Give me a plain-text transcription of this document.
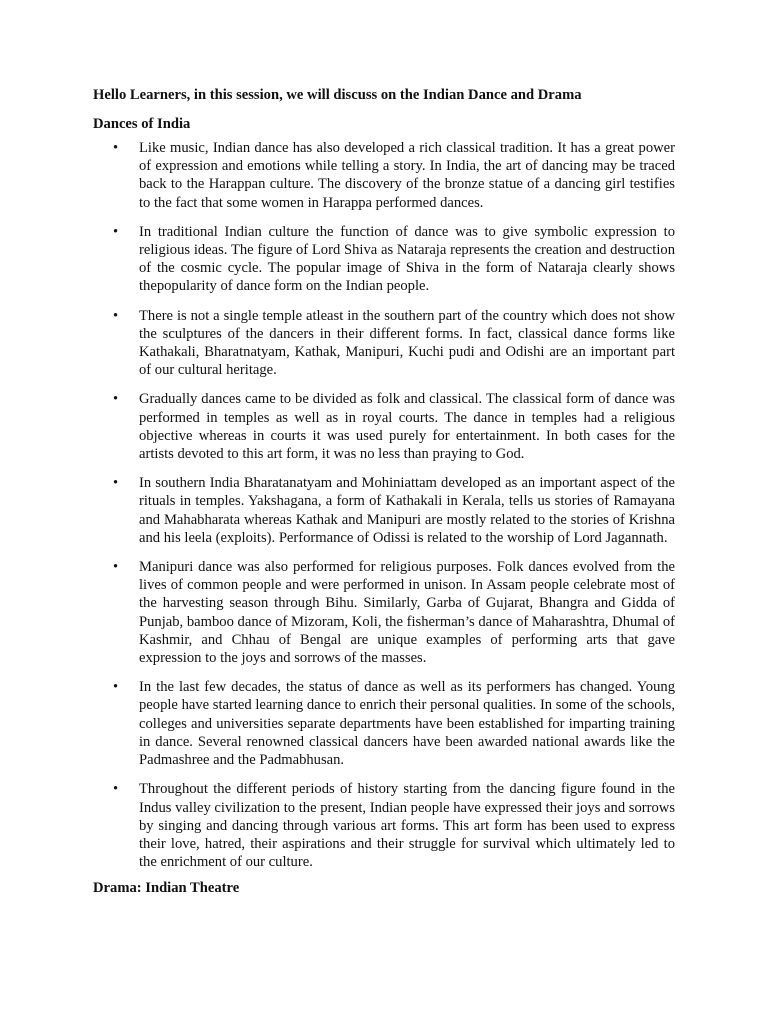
Hello Learners, in this session, we will discuss on the Indian Dance and Drama

Dances of India

• Like music, Indian dance has also developed a rich classical tradition. It has a great power of expression and emotions while telling a story. In India, the art of dancing may be traced back to the Harappan culture. The discovery of the bronze statue of a dancing girl testifies to the fact that some women in Harappa performed dances.
• In traditional Indian culture the function of dance was to give symbolic expression to religious ideas. The figure of Lord Shiva as Nataraja represents the creation and destruction of the cosmic cycle. The popular image of Shiva in the form of Nataraja clearly shows thepopularity of dance form on the Indian people.
• There is not a single temple atleast in the southern part of the country which does not show the sculptures of the dancers in their different forms. In fact, classical dance forms like Kathakali, Bharatnatyam, Kathak, Manipuri, Kuchi pudi and Odishi are an important part of our cultural heritage.
• Gradually dances came to be divided as folk and classical. The classical form of dance was performed in temples as well as in royal courts. The dance in temples had a religious objective whereas in courts it was used purely for entertainment. In both cases for the artists devoted to this art form, it was no less than praying to God.
• In southern India Bharatanatyam and Mohiniattam developed as an important aspect of the rituals in temples. Yakshagana, a form of Kathakali in Kerala, tells us stories of Ramayana and Mahabharata whereas Kathak and Manipuri are mostly related to the stories of Krishna and his leela (exploits). Performance of Odissi is related to the worship of Lord Jagannath.
• Manipuri dance was also performed for religious purposes. Folk dances evolved from the lives of common people and were performed in unison. In Assam people celebrate most of the harvesting season through Bihu. Similarly, Garba of Gujarat, Bhangra and Gidda of Punjab, bamboo dance of Mizoram, Koli, the fisherman’s dance of Maharashtra, Dhumal of Kashmir, and Chhau of Bengal are unique examples of performing arts that gave expression to the joys and sorrows of the masses.
• In the last few decades, the status of dance as well as its performers has changed. Young people have started learning dance to enrich their personal qualities. In some of the schools, colleges and universities separate departments have been established for imparting training in dance. Several renowned classical dancers have been awarded national awards like the Padmashree and the Padmabhusan.
• Throughout the different periods of history starting from the dancing figure found in the Indus valley civilization to the present, Indian people have expressed their joys and sorrows by singing and dancing through various art forms. This art form has been used to express their love, hatred, their aspirations and their struggle for survival which ultimately led to the enrichment of our culture.

Drama: Indian Theatre
